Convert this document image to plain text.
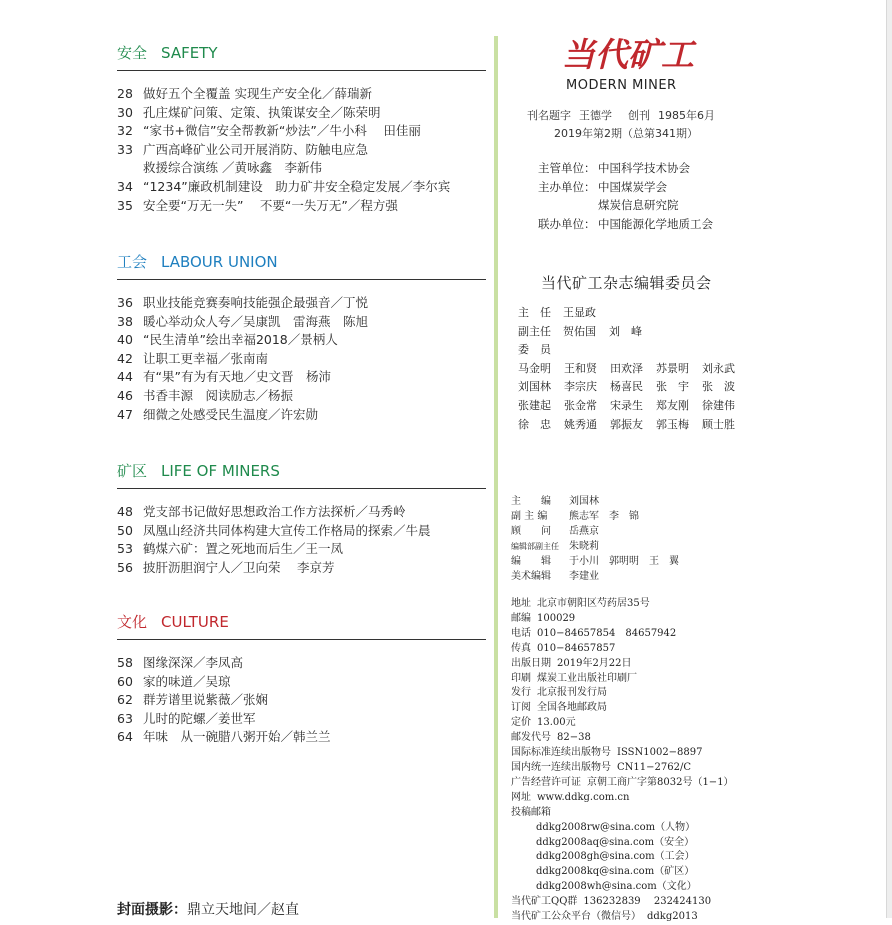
安全 SAFETY
28 做好五个全覆盖 实现生产安全化／薛瑞新
30 孔庄煤矿问策、定策、执策谋安全／陈荣明
32 “家书+微信”安全帮教新“炒法”／牛小科　 田佳丽
33 广西高峰矿业公司开展消防、防触电应急
救援综合演练 ／黄咏鑫　李新伟
34 “1234”廉政机制建设　助力矿井安全稳定发展／李尔宾
35 安全要“万无一失”　 不要“一失万无”／程方强
工会 LABOUR UNION
36 职业技能竞赛奏响技能强企最强音／丁悦
38 暖心举动众人夸／吴康凯　雷海燕　陈旭
40 “民生清单”绘出幸福2018／景柄人
42 让职工更幸福／张南南
44 有“果”有为有天地／史文晋　杨沛
46 书香丰源　阅读励志／杨振
47 细微之处感受民生温度／许宏勋
矿区 LIFE OF MINERS
48 党支部书记做好思想政治工作方法探析／马秀岭
50 凤凰山经济共同体构建大宣传工作格局的探索／牛晨
53 鹤煤六矿：置之死地而后生／王一凤
56 披肝沥胆润宁人／卫向荣　 李京芳
文化 CULTURE
58 图缘深深／李凤高
60 家的味道／吴琼
62 群芳谱里说紫薇／张娴
63 儿时的陀螺／姜世军
64 年味　从一碗腊八粥开始／韩兰兰
封面摄影：鼎立天地间／赵直
当代矿工
MODERN MINER
刊名题字 王德学 创刊 1985年6月
2019年第2期（总第341期）
主管单位： 中国科学技术协会
主办单位： 中国煤炭学会
煤炭信息研究院
联办单位： 中国能源化学地质工会
当代矿工杂志编辑委员会
主　任	王显政
副主任	贺佑国	刘　峰
委　员
马金明	王和贤	田欢泽	苏景明	刘永武
刘国林	李宗庆	杨喜民	张　宇	张　波
张建起	张金常	宋录生	郑友刚	徐建伟
徐　忠	姚秀通	郭振友	郭玉梅	顾士胜
主　　编	刘国林
副 主 编	熊志军　李　锦
顾　　问	岳燕京
编辑部副主任	朱晓莉
编　　辑	于小川　郭明明　王　翼
美术编辑	李建业
地址 北京市朝阳区芍药居35号
邮编 100029
电话 010−84657854　84657942
传真 010−84657857
出版日期 2019年2月22日
印刷 煤炭工业出版社印刷厂
发行 北京报刊发行局
订阅 全国各地邮政局
定价 13.00元
邮发代号 82−38
国际标准连续出版物号 ISSN1002−8897
国内统一连续出版物号 CN11−2762/C
广告经营许可证 京朝工商广字第8032号（1−1）
网址 www.ddkg.com.cn
投稿邮箱
ddkg2008rw@sina.com（人物）
ddkg2008aq@sina.com（安全）
ddkg2008gh@sina.com（工会）
ddkg2008kq@sina.com（矿区）
ddkg2008wh@sina.com（文化）
当代矿工QQ群 136232839　 232424130
当代矿工公众平台（微信号） ddkg2013
